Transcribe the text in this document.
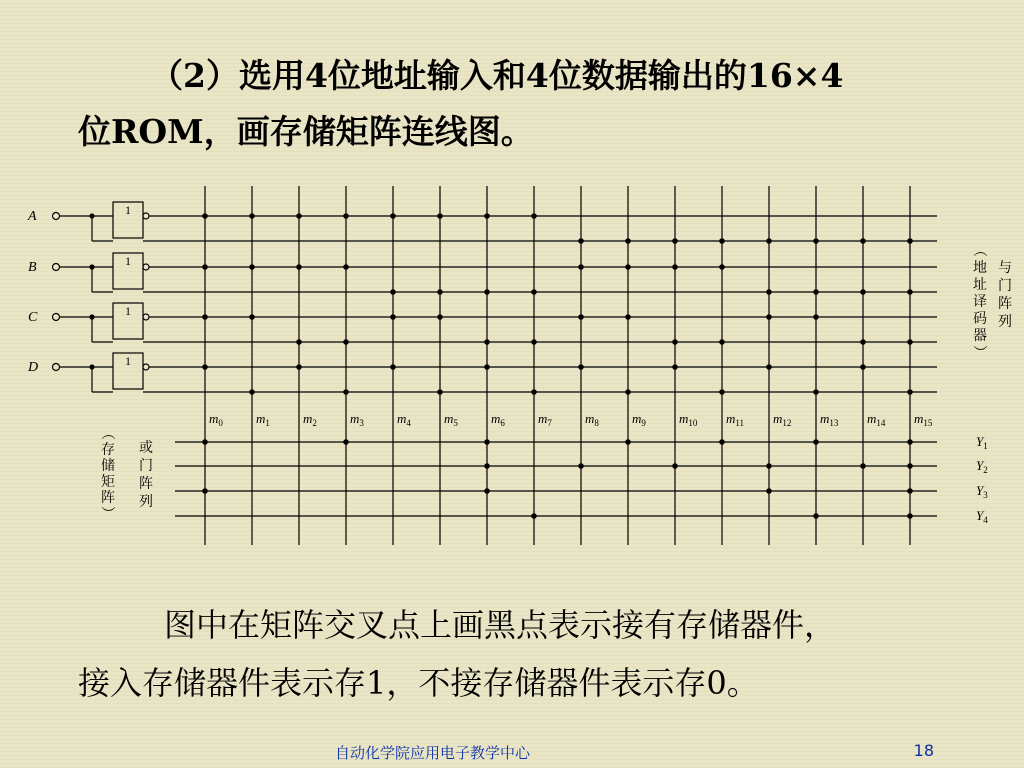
（2）选用4位地址输入和4位数据输出的16×4
位ROM，画存储矩阵连线图。
A	1
B	1
C	1
D	1
$m_0$	$m_1$	$m_2$	$m_3$	$m_4$	$m_5$	$m_6$	$m_7$	$m_8$	$m_9$	$m_{10}$ $m_{11}$ $m_{12}$ $m_{13}$ $m_{14}$ $m_{15}$
$Y_1$
$Y_2$
$Y_3$
$Y_4$
与
门
阵
列
（
地
址
译
码
器
）
或
门
阵
列
（
存
储
矩
阵
）
图中在矩阵交叉点上画黑点表示接有存储器件，
接入存储器件表示存1，不接存储器件表示存0。
自动化学院应用电子教学中心	18
